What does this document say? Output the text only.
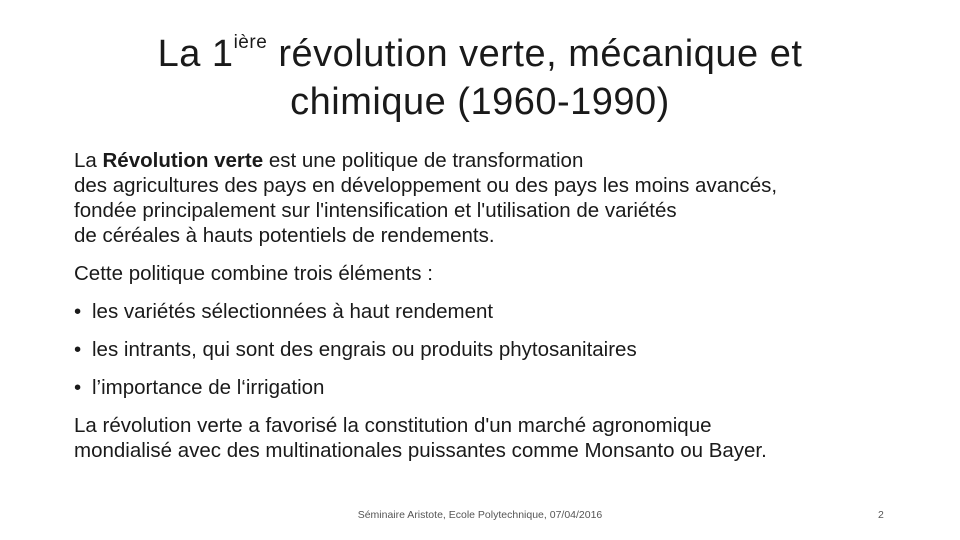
La $1^{ière}$ révolution verte, mécanique et
chimique (1960-1990)

La Révolution verte est une politique de transformation
des agricultures des pays en développement ou des pays les moins avancés,
fondée principalement sur l'intensification et l'utilisation de variétés
de céréales à hauts potentiels de rendements.

Cette politique combine trois éléments :

• les variétés sélectionnées à haut rendement
• les intrants, qui sont des engrais ou produits phytosanitaires
• l’importance de l‘irrigation

La révolution verte a favorisé la constitution d'un marché agronomique
mondialisé avec des multinationales puissantes comme Monsanto ou Bayer.

Séminaire Aristote, Ecole Polytechnique, 07/04/2016	2
